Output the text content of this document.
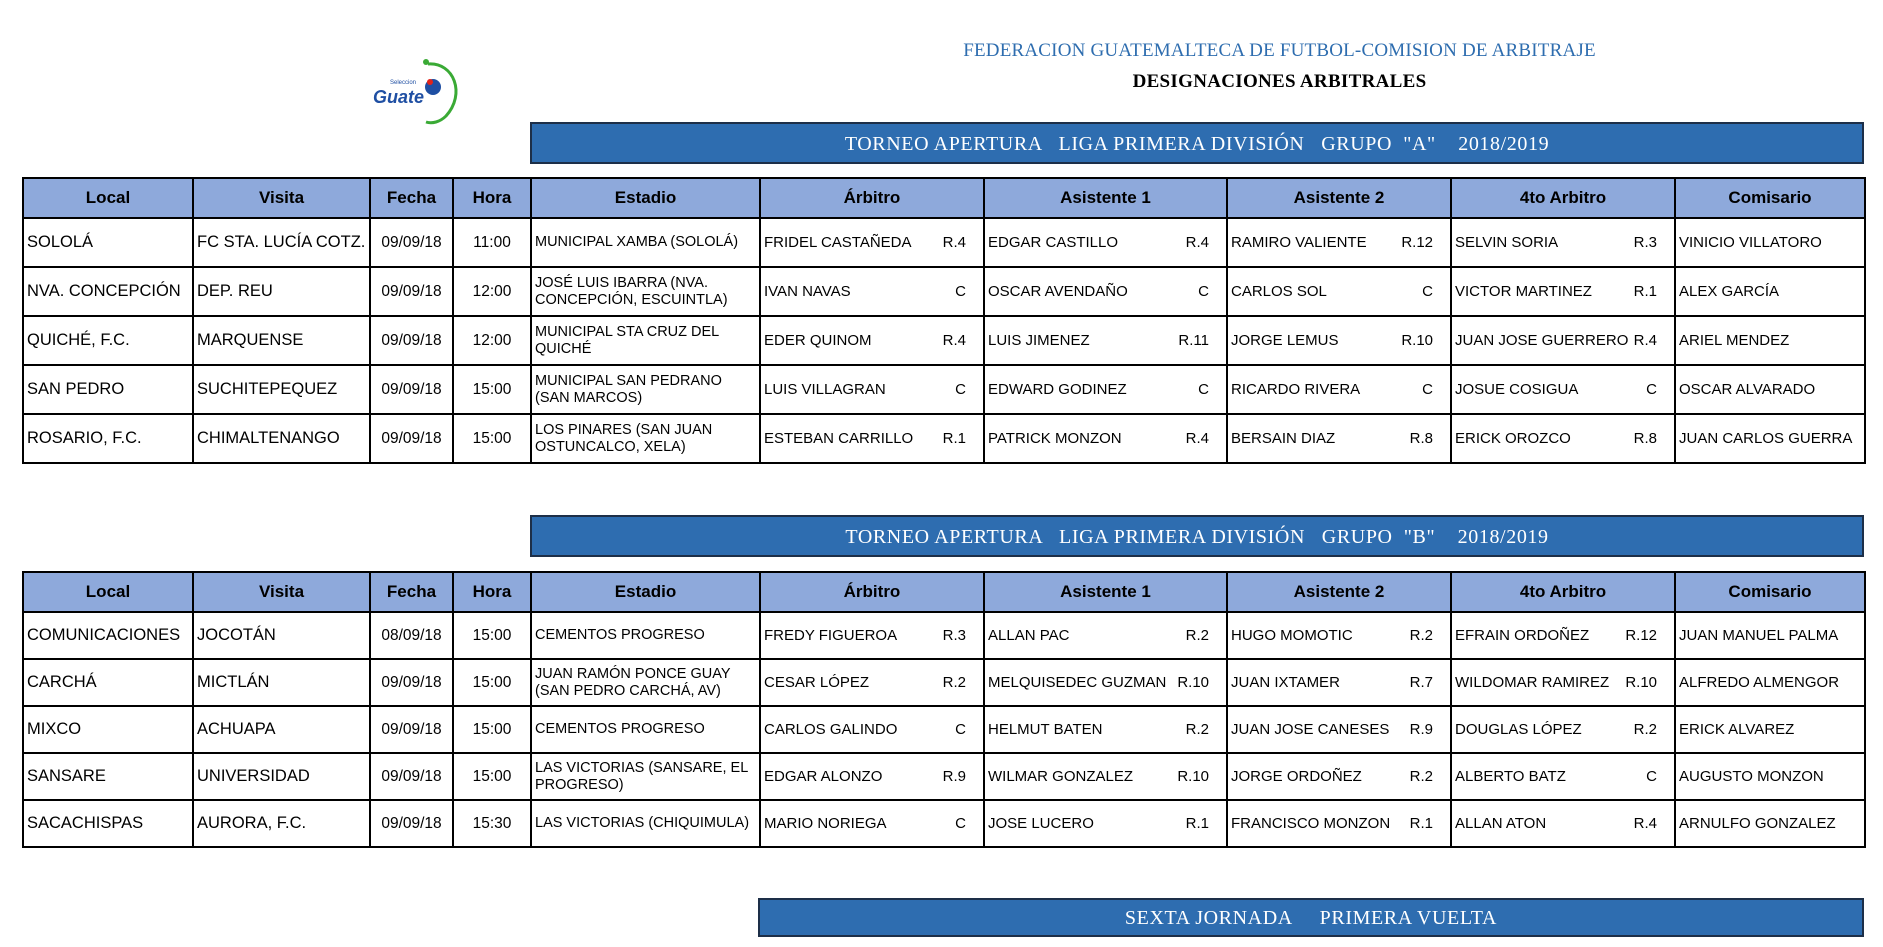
Seleccion
Guate
FEDERACION GUATEMALTECA DE FUTBOL-COMISION DE ARBITRAJE
DESIGNACIONES ARBITRALES
TORNEO APERTURA   LIGA PRIMERA DIVISIÓN   GRUPO  "A"    2018/2019
Local	Visita	Fecha	Hora	Estadio	Árbitro	Asistente 1	Asistente 2	4to Arbitro	Comisario
SOLOLÁ	FC STA. LUCÍA COTZ.	09/09/18	11:00	MUNICIPAL XAMBA (SOLOLÁ)	FRIDEL CASTAÑEDA R.4	EDGAR CASTILLO R.4	RAMIRO VALIENTE R.12	SELVIN SORIA R.3	VINICIO VILLATORO
NVA. CONCEPCIÓN	DEP. REU	09/09/18	12:00	JOSÉ LUIS IBARRA (NVA. CONCEPCIÓN, ESCUINTLA)	IVAN NAVAS C	OSCAR AVENDAÑO C	CARLOS SOL C	VICTOR MARTINEZ R.1	ALEX GARCÍA
QUICHÉ, F.C.	MARQUENSE	09/09/18	12:00	MUNICIPAL STA CRUZ DEL QUICHÉ	EDER QUINOM R.4	LUIS JIMENEZ R.11	JORGE LEMUS R.10	JUAN JOSE GUERRERO R.4	ARIEL MENDEZ
SAN PEDRO	SUCHITEPEQUEZ	09/09/18	15:00	MUNICIPAL SAN PEDRANO (SAN MARCOS)	LUIS VILLAGRAN C	EDWARD GODINEZ C	RICARDO RIVERA C	JOSUE COSIGUA C	OSCAR ALVARADO
ROSARIO, F.C.	CHIMALTENANGO	09/09/18	15:00	LOS PINARES (SAN JUAN OSTUNCALCO, XELA)	ESTEBAN CARRILLO R.1	PATRICK MONZON R.4	BERSAIN DIAZ R.8	ERICK OROZCO R.8	JUAN CARLOS GUERRA
TORNEO APERTURA   LIGA PRIMERA DIVISIÓN   GRUPO  "B"    2018/2019
Local	Visita	Fecha	Hora	Estadio	Árbitro	Asistente 1	Asistente 2	4to Arbitro	Comisario
COMUNICACIONES	JOCOTÁN	08/09/18	15:00	CEMENTOS PROGRESO	FREDY FIGUEROA R.3	ALLAN PAC R.2	HUGO MOMOTIC R.2	EFRAIN ORDOÑEZ R.12	JUAN MANUEL PALMA
CARCHÁ	MICTLÁN	09/09/18	15:00	JUAN RAMÓN PONCE GUAY (SAN PEDRO CARCHÁ, AV)	CESAR LÓPEZ R.2	MELQUISEDEC GUZMAN R.10	JUAN IXTAMER R.7	WILDOMAR RAMIREZ R.10	ALFREDO ALMENGOR
MIXCO	ACHUAPA	09/09/18	15:00	CEMENTOS PROGRESO	CARLOS GALINDO C	HELMUT BATEN R.2	JUAN JOSE CANESES R.9	DOUGLAS LÓPEZ R.2	ERICK ALVAREZ
SANSARE	UNIVERSIDAD	09/09/18	15:00	LAS VICTORIAS (SANSARE, EL PROGRESO)	EDGAR ALONZO R.9	WILMAR GONZALEZ R.10	JORGE ORDOÑEZ R.2	ALBERTO BATZ C	AUGUSTO MONZON
SACACHISPAS	AURORA, F.C.	09/09/18	15:30	LAS VICTORIAS (CHIQUIMULA)	MARIO NORIEGA C	JOSE LUCERO R.1	FRANCISCO MONZON R.1	ALLAN ATON R.4	ARNULFO GONZALEZ
SEXTA JORNADA     PRIMERA VUELTA
